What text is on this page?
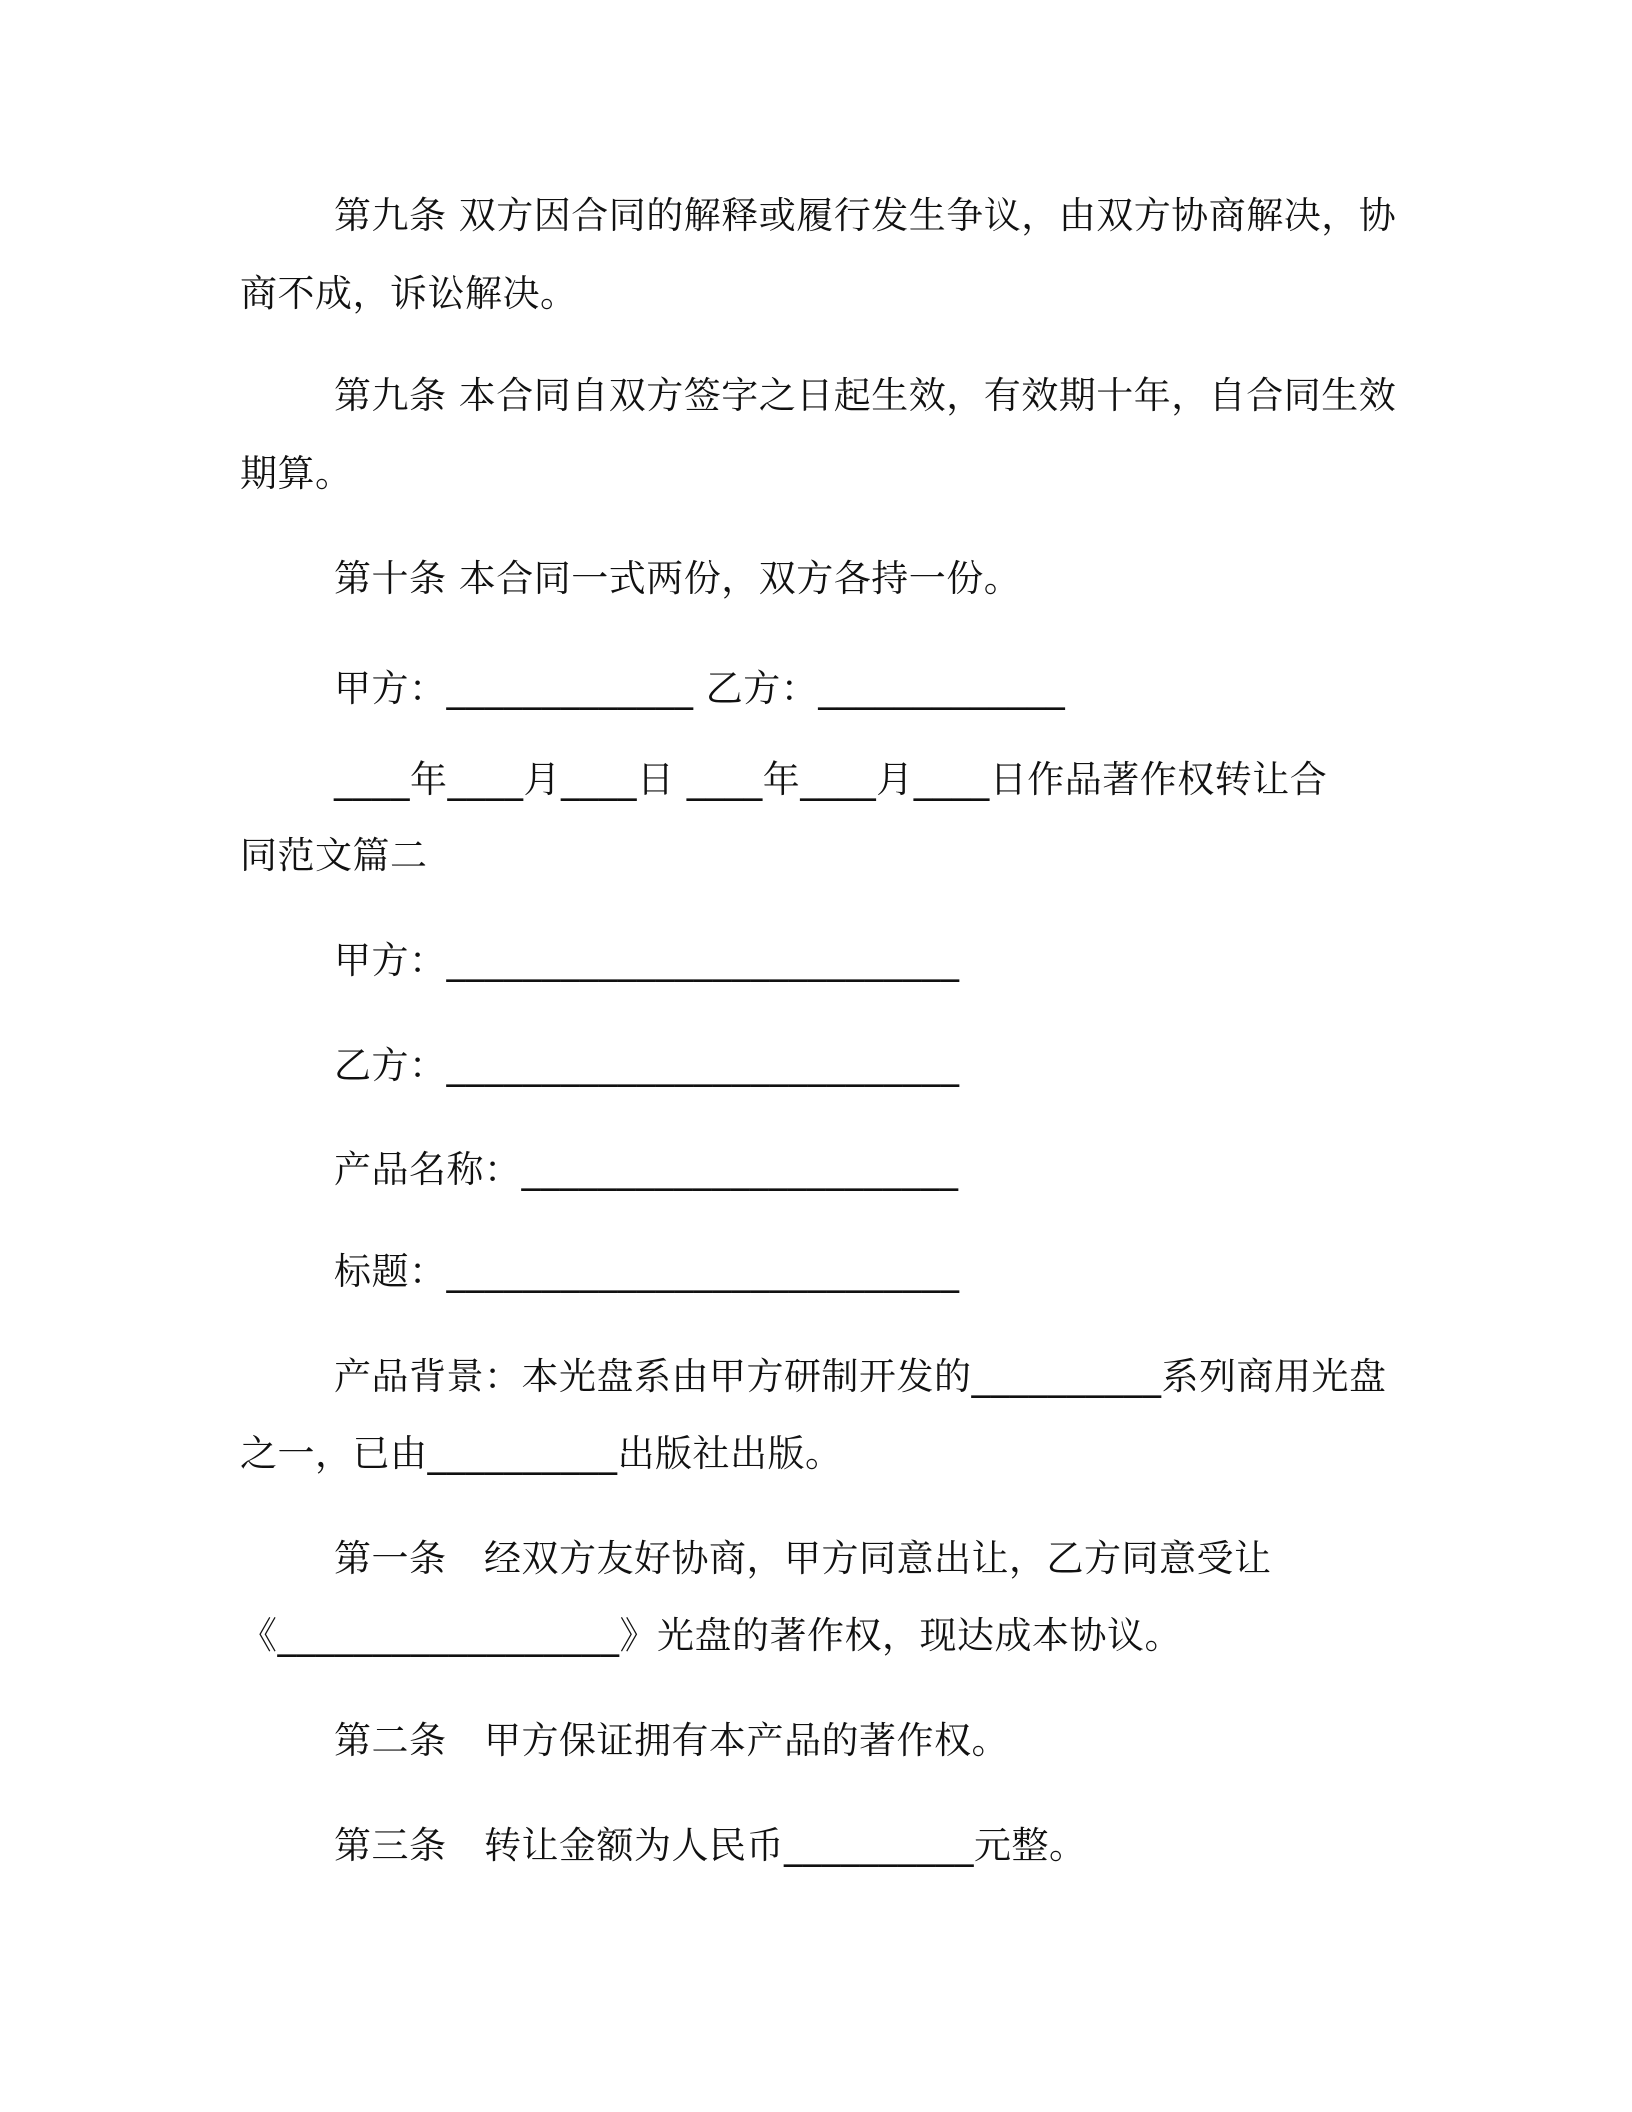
第九条 双方因合同的解释或履行发生争议，由双方协商解决，协
商不成，诉讼解决。
第九条 本合同自双方签字之日起生效，有效期十年，自合同生效
期算。
第十条 本合同一式两份，双方各持一份。
甲方：_____________ 乙方：_____________
____年____月____日 ____年____月____日作品著作权转让合
同范文篇二
甲方：___________________________
乙方：___________________________
产品名称：_______________________
标题：___________________________
产品背景：本光盘系由甲方研制开发的__________系列商用光盘
之一，已由__________出版社出版。
第一条　经双方友好协商，甲方同意出让，乙方同意受让
《__________________》光盘的著作权，现达成本协议。
第二条　甲方保证拥有本产品的著作权。
第三条　转让金额为人民币__________元整。
